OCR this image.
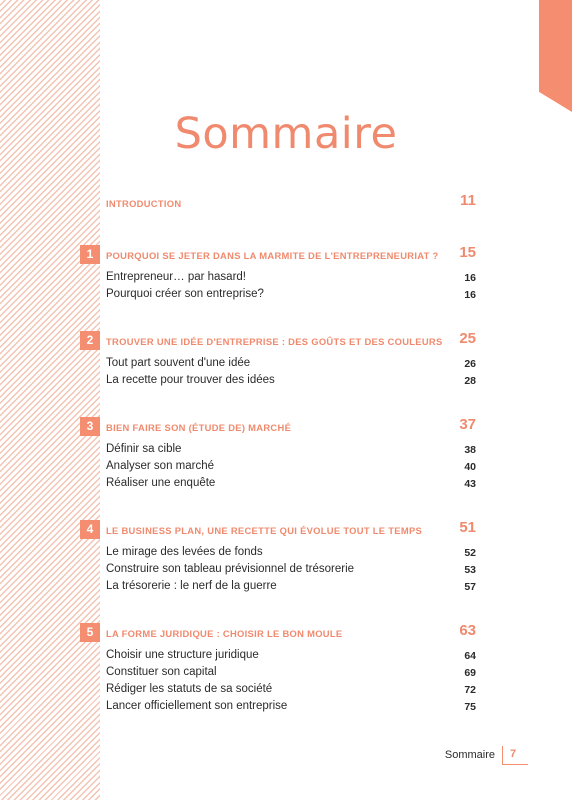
Sommaire
INTRODUCTION	11
1	POURQUOI SE JETER DANS LA MARMITE DE L'ENTREPRENEURIAT ? 15
Entrepreneur… par hasard!	16
Pourquoi créer son entreprise?	16
2	TROUVER UNE IDÉE D'ENTREPRISE : DES GOÛTS ET DES COULEURS 25
Tout part souvent d'une idée	26
La recette pour trouver des idées	28
3	BIEN FAIRE SON (ÉTUDE DE) MARCHÉ	37
Définir sa cible	38
Analyser son marché	40
Réaliser une enquête	43
4	LE BUSINESS PLAN, UNE RECETTE QUI ÉVOLUE TOUT LE TEMPS 51
Le mirage des levées de fonds	52
Construire son tableau prévisionnel de trésorerie	53
La trésorerie : le nerf de la guerre	57
5	LA FORME JURIDIQUE : CHOISIR LE BON MOULE	63
Choisir une structure juridique	64
Constituer son capital	69
Rédiger les statuts de sa société	72
Lancer officiellement son entreprise	75
Sommaire 7
